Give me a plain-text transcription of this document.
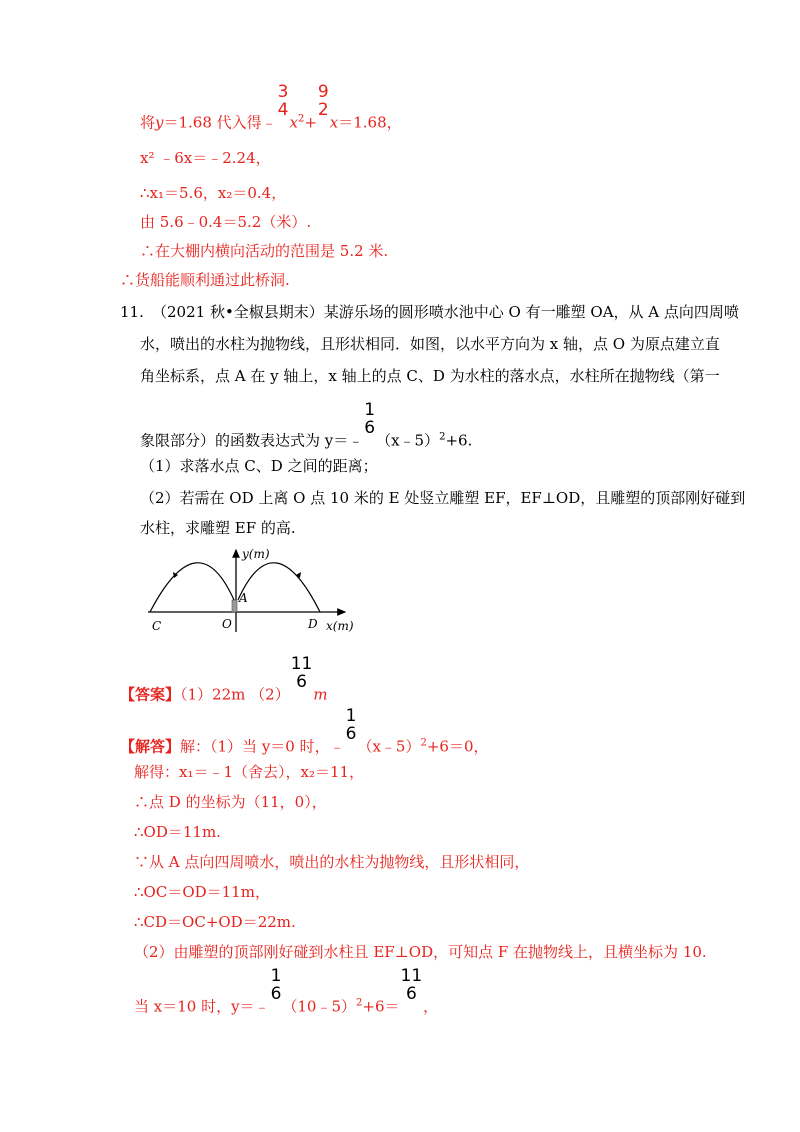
将y＝1.68 代入得﹣
3
4
$x^2+$
9
2
x＝1.68，
x² ﹣6x＝﹣2.24，
∴x₁＝5.6，x₂＝0.4，
由 5.6﹣0.4＝5.2（米）.
∴在大棚内横向活动的范围是 5.2 米.
∴货船能顺利通过此桥洞.
11. （2021 秋•全椒县期末）某游乐场的圆形喷水池中心 O 有一雕塑 OA，从 A 点向四周喷
水，喷出的水柱为抛物线，且形状相同．如图，以水平方向为 x 轴，点 O 为原点建立直
角坐标系，点 A 在 y 轴上，x 轴上的点 C、D 为水柱的落水点，水柱所在抛物线（第一
象限部分）的函数表达式为 y＝﹣
1
6
（x﹣5）$^2$+6.
（1）求落水点 C、D 之间的距离；
（2）若需在 OD 上离 O 点 10 米的 E 处竖立雕塑 EF，EF⊥OD，且雕塑的顶部刚好碰到
水柱，求雕塑 EF 的高.
y(m)
x(m)
A
C	O	D
【答案】（1）22m （2）
11
6
m
【解答】解：（1）当 y＝0 时，﹣
1
6
（x﹣5）$^2$+6＝0，
解得：x₁＝﹣1（舍去），x₂＝11，
∴点 D 的坐标为（11，0），
∴OD＝11m.
∵从 A 点向四周喷水，喷出的水柱为抛物线，且形状相同，
∴OC＝OD＝11m，
∴CD＝OC+OD＝22m.
（2）由雕塑的顶部刚好碰到水柱且 EF⊥OD，可知点 F 在抛物线上，且横坐标为 10.
当 x＝10 时，y＝﹣
1
6
（10﹣5）$^2$+6＝
11
6
，
